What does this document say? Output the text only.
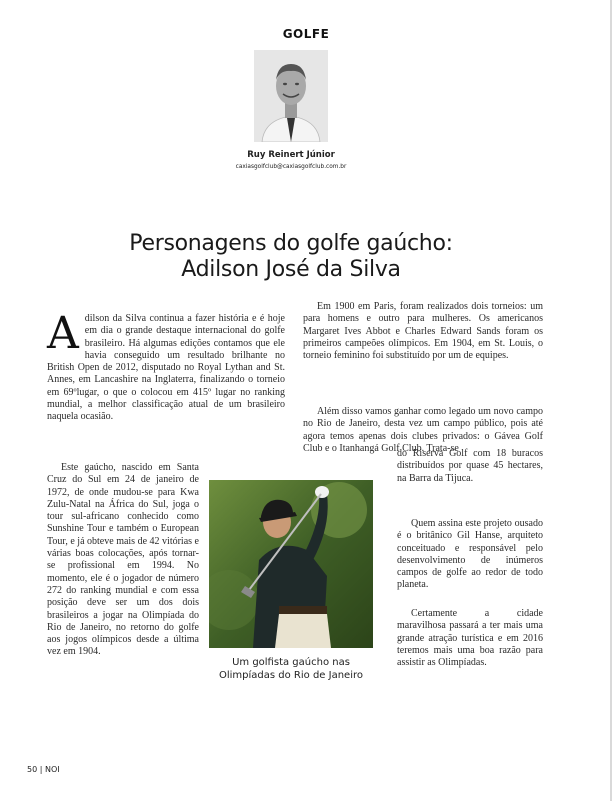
GOLFE
Ruy Reinert Júnior
caxiasgolfclub@caxiasgolfclub.com.br
Personagens do golfe gaúcho:
Adilson José da Silva
A dilson da Silva continua a fazer história e é hoje em dia o grande destaque internacional do golfe brasileiro. Há algumas edições contamos que ele havia conseguido um resultado brilhante no British Open de 2012, disputado no Royal Lythan and St. Annes, em Lancashire na Inglaterra, finalizando o torneio em 69ºlugar, o que o colocou em 415º lugar no ranking mundial, a melhor classificação atual de um brasileiro naquela ocasião.

Este gaúcho, nascido em Santa Cruz do Sul em 24 de janeiro de 1972, de onde mudou-se para Kwa Zulu-Natal na África do Sul, joga o tour sul-africano conhecido como Sunshine Tour e também o European Tour, e já obteve mais de 42 vitórias e várias boas colocações, após tornar-se profissional em 1994. No momento, ele é o jogador de número 272 do ranking mundial e com essa posição deve ser um dos dois brasileiros a jogar na Olimpíada do Rio de Janeiro, no retorno do golfe aos jogos olímpicos desde a última vez em 1904.

Em 1900 em Paris, foram realizados dois torneios: um para homens e outro para mulheres. Os americanos Margaret Ives Abbot e Charles Edward Sands foram os primeiros campeões olímpicos. Em 1904, em St. Louis, o torneio feminino foi substituído por um de equipes.

Além disso vamos ganhar como legado um novo campo no Rio de Janeiro, desta vez um campo público, pois até agora temos apenas dois clubes privados: o Gávea Golf Club e o Itanhangá Golf Club. Trata-se

do Riserva Golf com 18 buracos distribuídos por quase 45 hectares, na Barra da Tijuca.

Quem assina este projeto ousado é o britânico Gil Hanse, arquiteto conceituado e responsável pelo desenvolvimento de inúmeros campos de golfe ao redor de todo planeta.

Certamente a cidade maravilhosa passará a ter mais uma grande atração turística e em 2016 teremos mais uma boa razão para assistir as Olimpíadas.

Um golfista gaúcho nas Olimpíadas do Rio de Janeiro
50 | NOI
